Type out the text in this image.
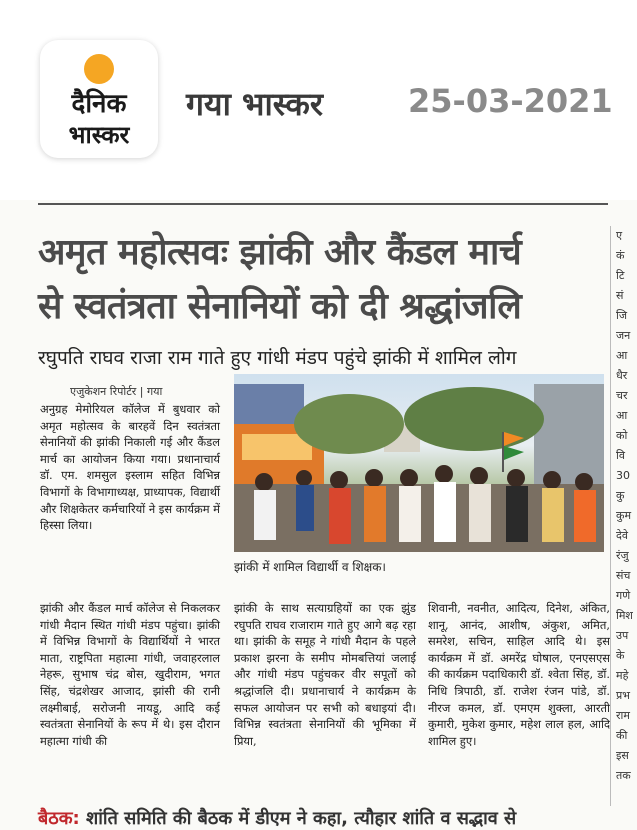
दैनिक
भास्कर
गया भास्कर	25-03-2021
अमृत महोत्सवः झांकी और कैंडल मार्च
से स्वतंत्रता सेनानियों को दी श्रद्धांजलि
रघुपति राघव राजा राम गाते हुए गांधी मंडप पहुंचे झांकी में शामिल लोग
एजुकेशन रिपोर्टर | गया
अनुग्रह मेमोरियल कॉलेज में बुधवार को अमृत महोत्सव के बारहवें दिन स्वतंत्रता सेनानियों की झांकी निकाली गई और कैंडल मार्च का आयोजन किया गया। प्रधानाचार्य डॉ. एम. शमसुल इस्लाम सहित विभिन्न विभागों के विभागाध्यक्ष, प्राध्यापक, विद्यार्थी और शिक्षकेतर कर्मचारियों ने इस कार्यक्रम में हिस्सा लिया।
झांकी और कैंडल मार्च कॉलेज से निकलकर गांधी मैदान स्थित गांधी मंडप पहुंचा। झांकी में विभिन्न विभागों के विद्यार्थियों ने भारत माता, राष्ट्रपिता महात्मा गांधी, जवाहरलाल नेहरू, सुभाष चंद्र बोस, खुदीराम, भगत सिंह, चंद्रशेखर आजाद, झांसी की रानी लक्ष्मीबाई, सरोजनी नायडू, आदि कई स्वतंत्रता सेनानियों के रूप में थे। इस दौरान महात्मा गांधी की
झांकी के साथ सत्याग्रहियों का एक झुंड रघुपति राघव राजाराम गाते हुए आगे बढ़ रहा था। झांकी के समूह ने गांधी मैदान के पहले प्रकाश झरना के समीप मोमबत्तियां जलाई और गांधी मंडप पहुंचकर वीर सपूतों को श्रद्धांजलि दी। प्रधानाचार्य ने कार्यक्रम के सफल आयोजन पर सभी को बधाइयां दी। विभिन्न स्वतंत्रता सेनानियों की भूमिका में प्रिया,
शिवानी, नवनीत, आदित्य, दिनेश, अंकित, शानू, आनंद, आशीष, अंकुश, अमित, समरेश, सचिन, साहिल आदि थे। इस कार्यक्रम में डॉ. अमरेंद्र घोषाल, एनएसएस की कार्यक्रम पदाधिकारी डॉ. श्वेता सिंह, डॉ. निधि त्रिपाठी, डॉ. राजेश रंजन पांडे, डॉ. नीरज कमल, डॉ. एमएम शुक्ला, आरती कुमारी, मुकेश कुमार, महेश लाल हल, आदि शामिल हुए।
झांकी में शामिल विद्यार्थी व शिक्षक।
ए
कं
टि
सं
जि
जन
आ
धैर
चर
आ
को
वि
30
कु
कुम
देवे
रंजु
संच
गणे
मिश
उप
के
महे
प्रभ
राम
की
इस
तक
बैठक: शांति समिति की बैठक में डीएम ने कहा, त्यौहार शांति व सद्भाव से
